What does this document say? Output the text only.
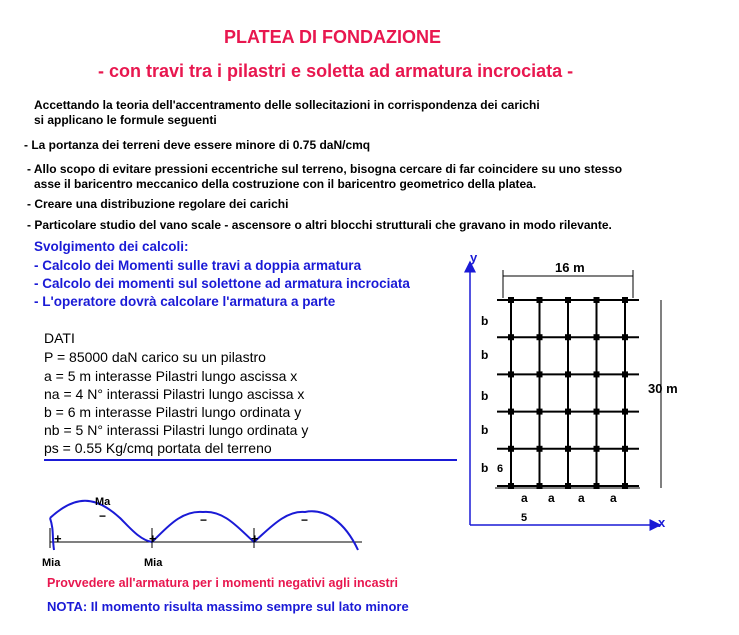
PLATEA DI FONDAZIONE
- con travi tra i pilastri e soletta ad armatura incrociata -
Accettando la teoria dell'accentramento delle sollecitazioni in corrispondenza dei carichi
si applicano le formule seguenti
- La portanza dei terreni deve essere minore di 0.75 daN/cmq
- Allo scopo di evitare pressioni eccentriche sul terreno, bisogna cercare di far coincidere su uno stesso
asse il baricentro meccanico della costruzione con il baricentro geometrico della platea.
- Creare una distribuzione regolare dei carichi
- Particolare studio del vano scale - ascensore o altri blocchi strutturali che gravano in modo rilevante.
Svolgimento dei calcoli:
- Calcolo dei Momenti sulle travi a doppia armatura
- Calcolo dei momenti sul solettone ad armatura incrociata
- L'operatore dovrà calcolare l'armatura a parte
DATI
P = 85000 daN carico su un pilastro
a = 5 m interasse Pilastri lungo ascissa x
na = 4 N° interassi Pilastri lungo ascissa x
b = 6 m interasse Pilastri lungo ordinata y
nb = 5 N° interassi Pilastri lungo ordinata y
ps = 0.55 Kg/cmq portata del terreno
Ma
−	−	−
+	+	+
Mia	Mia
y
x
16 m
30 m
b
b
b
b
b 6
a a a a
5
Provvedere all'armatura per i momenti negativi agli incastri
NOTA: Il momento risulta massimo sempre sul lato minore
